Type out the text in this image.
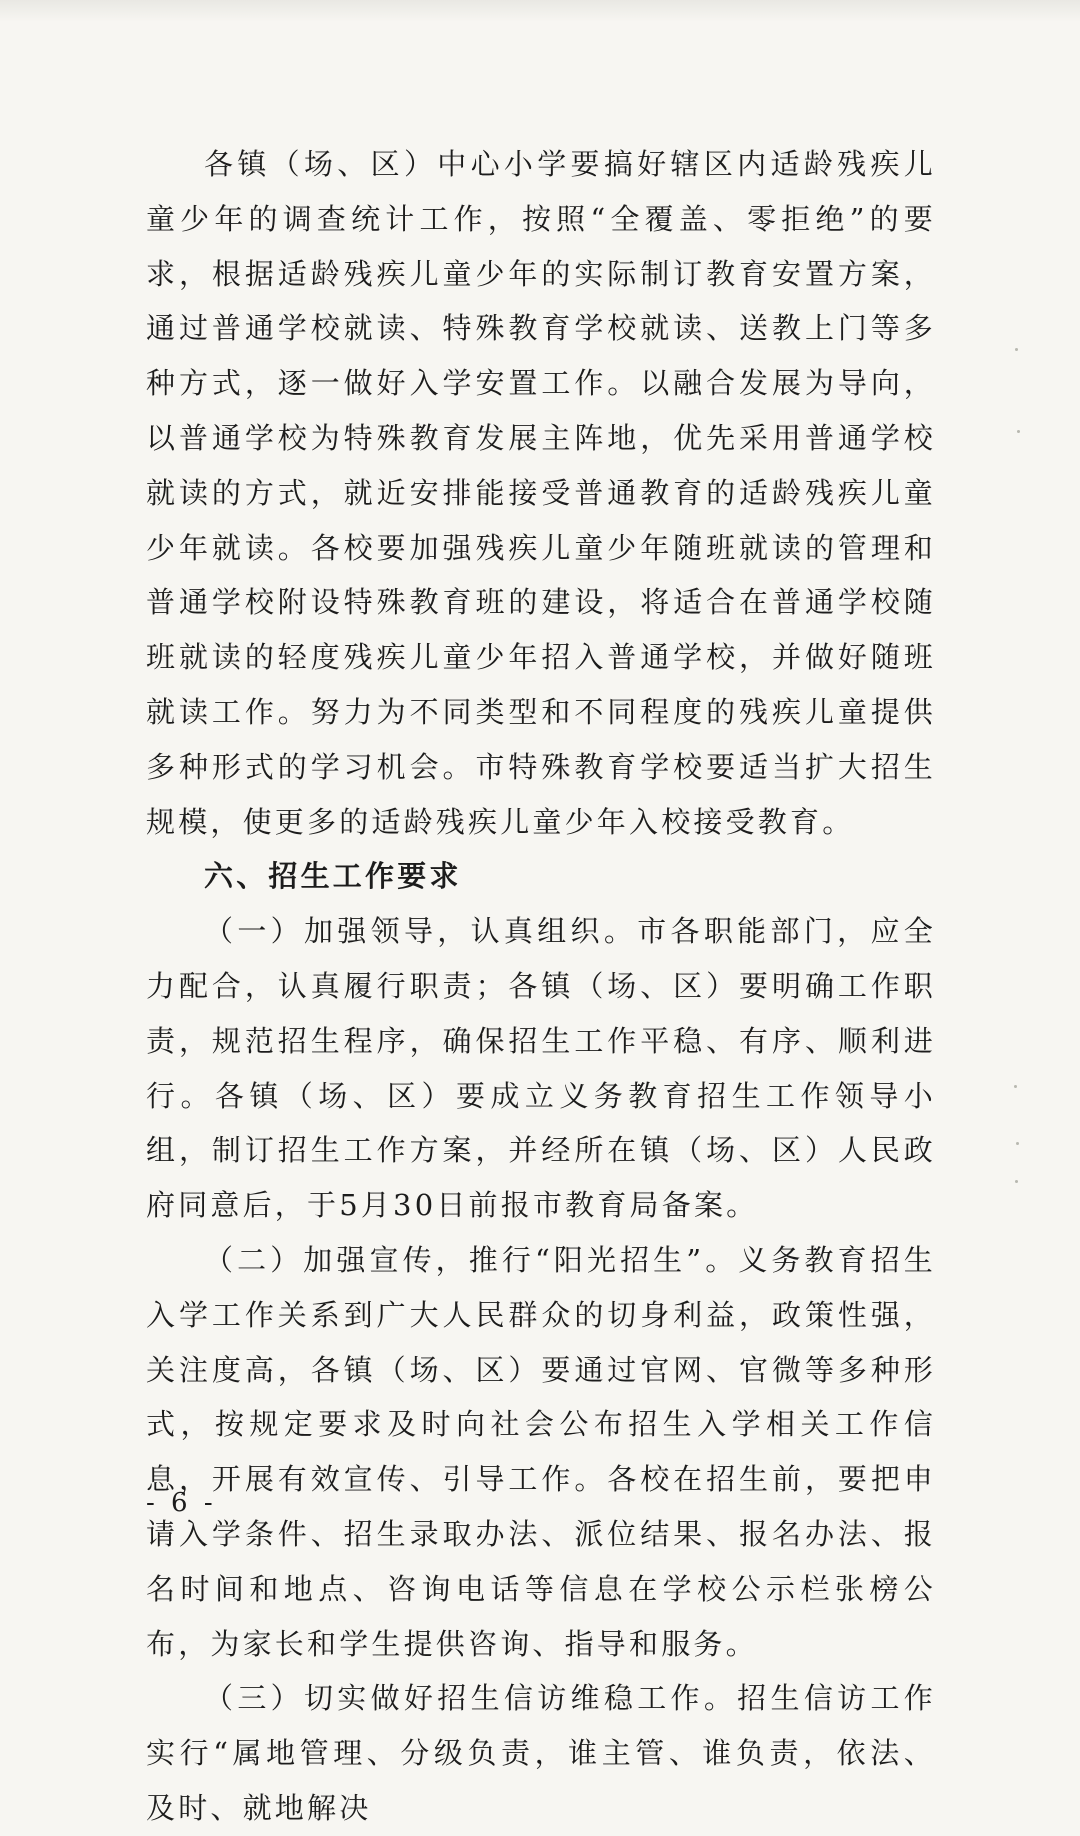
各镇（场、区）中心小学要搞好辖区内适龄残疾儿童少年的调查统计工作，按照“全覆盖、零拒绝”的要求，根据适龄残疾儿童少年的实际制订教育安置方案，通过普通学校就读、特殊教育学校就读、送教上门等多种方式，逐一做好入学安置工作。以融合发展为导向，以普通学校为特殊教育发展主阵地，优先采用普通学校就读的方式，就近安排能接受普通教育的适龄残疾儿童少年就读。各校要加强残疾儿童少年随班就读的管理和普通学校附设特殊教育班的建设，将适合在普通学校随班就读的轻度残疾儿童少年招入普通学校，并做好随班就读工作。努力为不同类型和不同程度的残疾儿童提供多种形式的学习机会。市特殊教育学校要适当扩大招生规模，使更多的适龄残疾儿童少年入校接受教育。

六、招生工作要求

（一）加强领导，认真组织。市各职能部门，应全力配合，认真履行职责；各镇（场、区）要明确工作职责，规范招生程序，确保招生工作平稳、有序、顺利进行。各镇（场、区）要成立义务教育招生工作领导小组，制订招生工作方案，并经所在镇（场、区）人民政府同意后，于5月30日前报市教育局备案。

（二）加强宣传，推行“阳光招生”。义务教育招生入学工作关系到广大人民群众的切身利益，政策性强，关注度高，各镇（场、区）要通过官网、官微等多种形式，按规定要求及时向社会公布招生入学相关工作信息，开展有效宣传、引导工作。各校在招生前，要把申请入学条件、招生录取办法、派位结果、报名办法、报名时间和地点、咨询电话等信息在学校公示栏张榜公布，为家长和学生提供咨询、指导和服务。

（三）切实做好招生信访维稳工作。招生信访工作实行“属地管理、分级负责，谁主管、谁负责，依法、及时、就地解决

- 6 -
